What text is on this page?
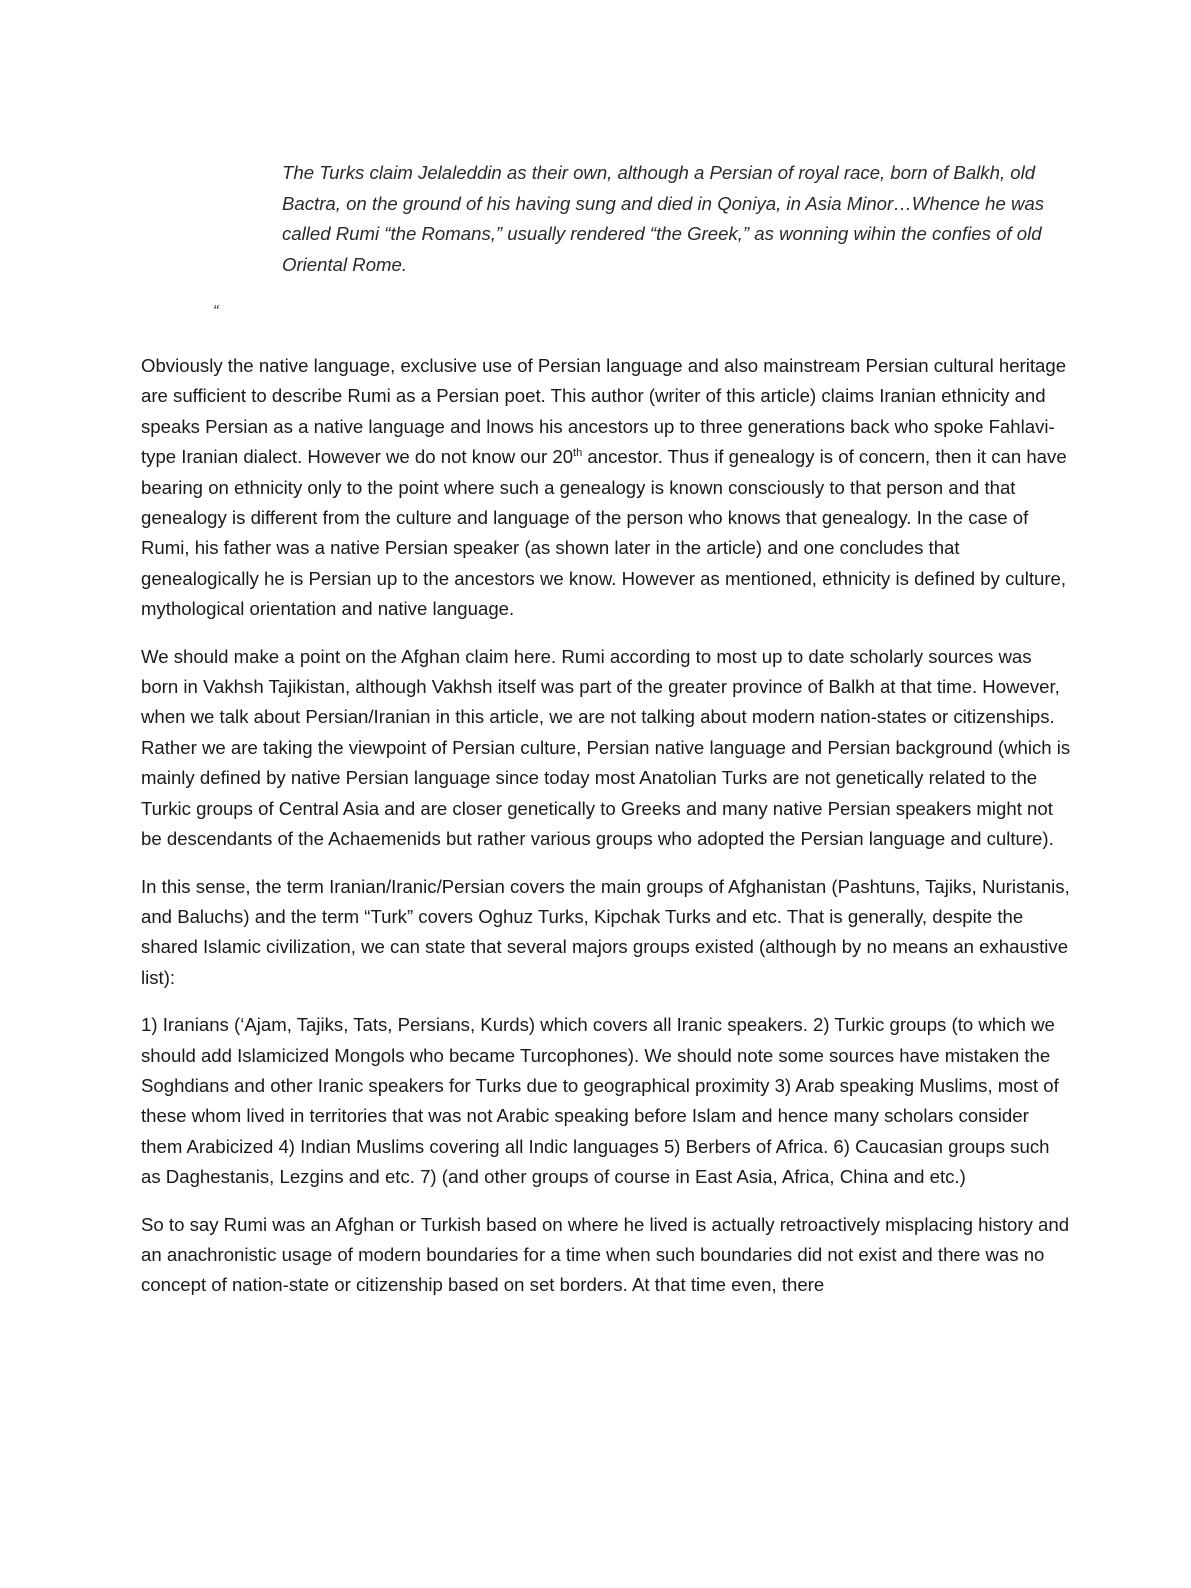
The Turks claim Jelaleddin as their own, although a Persian of royal race, born of Balkh, old Bactra, on the ground of his having sung and died in Qoniya, in Asia Minor…Whence he was called Rumi “the Romans,” usually rendered “the Greek,” as wonning wihin the confies of old Oriental Rome.
“

Obviously the native language, exclusive use of Persian language and also mainstream Persian cultural heritage are sufficient to describe Rumi as a Persian poet. This author (writer of this article) claims Iranian ethnicity and speaks Persian as a native language and lnows his ancestors up to three generations back who spoke Fahlavi-type Iranian dialect. However we do not know our 20th ancestor. Thus if genealogy is of concern, then it can have bearing on ethnicity only to the point where such a genealogy is known consciously to that person and that genealogy is different from the culture and language of the person who knows that genealogy. In the case of Rumi, his father was a native Persian speaker (as shown later in the article) and one concludes that genealogically he is Persian up to the ancestors we know. However as mentioned, ethnicity is defined by culture, mythological orientation and native language.

We should make a point on the Afghan claim here. Rumi according to most up to date scholarly sources was born in Vakhsh Tajikistan, although Vakhsh itself was part of the greater province of Balkh at that time. However, when we talk about Persian/Iranian in this article, we are not talking about modern nation-states or citizenships. Rather we are taking the viewpoint of Persian culture, Persian native language and Persian background (which is mainly defined by native Persian language since today most Anatolian Turks are not genetically related to the Turkic groups of Central Asia and are closer genetically to Greeks and many native Persian speakers might not be descendants of the Achaemenids but rather various groups who adopted the Persian language and culture).

In this sense, the term Iranian/Iranic/Persian covers the main groups of Afghanistan (Pashtuns, Tajiks, Nuristanis, and Baluchs) and the term “Turk” covers Oghuz Turks, Kipchak Turks and etc. That is generally, despite the shared Islamic civilization, we can state that several majors groups existed (although by no means an exhaustive list):

1) Iranians (‘Ajam, Tajiks, Tats, Persians, Kurds) which covers all Iranic speakers. 2) Turkic groups (to which we should add Islamicized Mongols who became Turcophones). We should note some sources have mistaken the Soghdians and other Iranic speakers for Turks due to geographical proximity 3) Arab speaking Muslims, most of these whom lived in territories that was not Arabic speaking before Islam and hence many scholars consider them Arabicized 4) Indian Muslims covering all Indic languages 5) Berbers of Africa. 6) Caucasian groups such as Daghestanis, Lezgins and etc. 7) (and other groups of course in East Asia, Africa, China and etc.)

So to say Rumi was an Afghan or Turkish based on where he lived is actually retroactively misplacing history and an anachronistic usage of modern boundaries for a time when such boundaries did not exist and there was no concept of nation-state or citizenship based on set borders. At that time even, there
